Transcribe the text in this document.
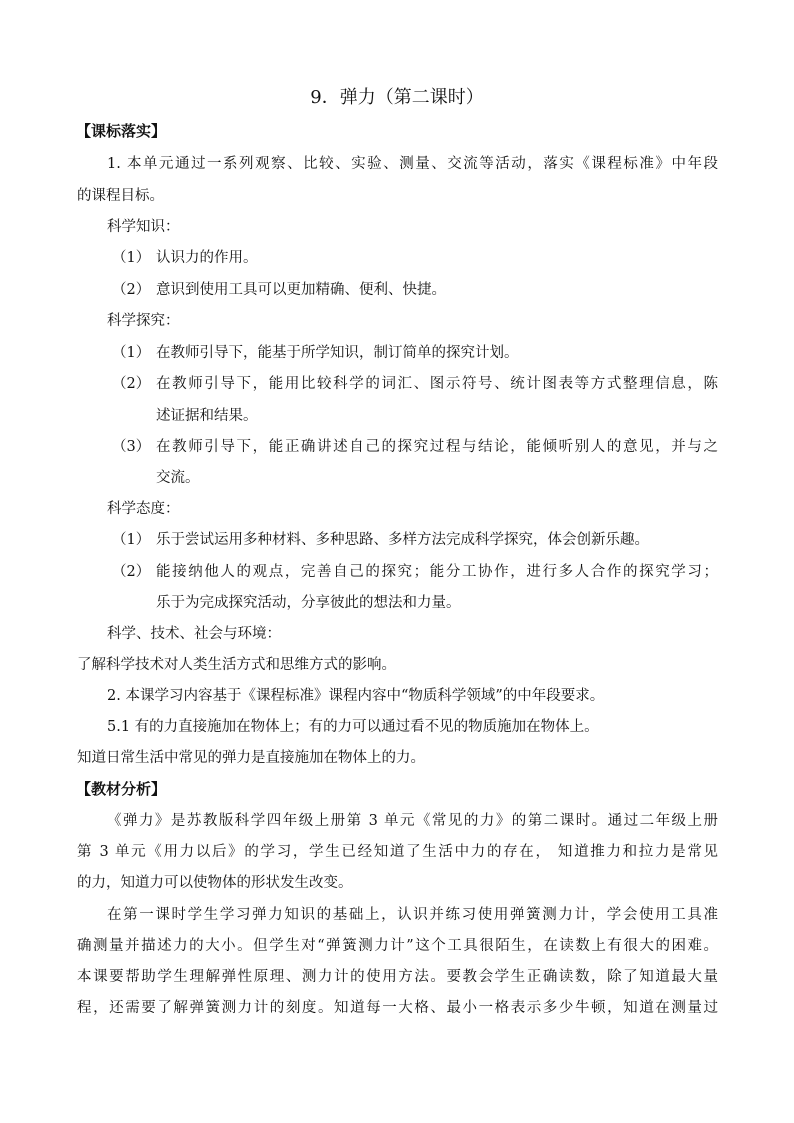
9．弹力（第二课时）
【课标落实】
1. 本单元通过一系列观察、比较、实验、测量、交流等活动，落实《课程标准》中年段
的课程目标。
科学知识：
（1） 认识力的作用。
（2） 意识到使用工具可以更加精确、便利、快捷。
科学探究：
（1） 在教师引导下，能基于所学知识，制订简单的探究计划。
（2） 在教师引导下，能用比较科学的词汇、图示符号、统计图表等方式整理信息，陈
述证据和结果。
（3） 在教师引导下，能正确讲述自己的探究过程与结论，能倾听别人的意见，并与之
交流。
科学态度：
（1） 乐于尝试运用多种材料、多种思路、多样方法完成科学探究，体会创新乐趣。
（2） 能接纳他人的观点，完善自己的探究；能分工协作，进行多人合作的探究学习；
乐于为完成探究活动，分享彼此的想法和力量。
科学、技术、社会与环境：
了解科学技术对人类生活方式和思维方式的影响。
2. 本课学习内容基于《课程标准》课程内容中“物质科学领域”的中年段要求。
5.1 有的力直接施加在物体上；有的力可以通过看不见的物质施加在物体上。
知道日常生活中常见的弹力是直接施加在物体上的力。
【教材分析】
《弹力》是苏教版科学四年级上册第 3 单元《常见的力》的第二课时。通过二年级上册
第 3 单元《用力以后》的学习，学生已经知道了生活中力的存在， 知道推力和拉力是常见
的力，知道力可以使物体的形状发生改变。
在第一课时学生学习弹力知识的基础上，认识并练习使用弹簧测力计，学会使用工具准
确测量并描述力的大小。但学生对“弹簧测力计”这个工具很陌生，在读数上有很大的困难。
本课要帮助学生理解弹性原理、测力计的使用方法。要教会学生正确读数，除了知道最大量
程，还需要了解弹簧测力计的刻度。知道每一大格、最小一格表示多少牛顿，知道在测量过
